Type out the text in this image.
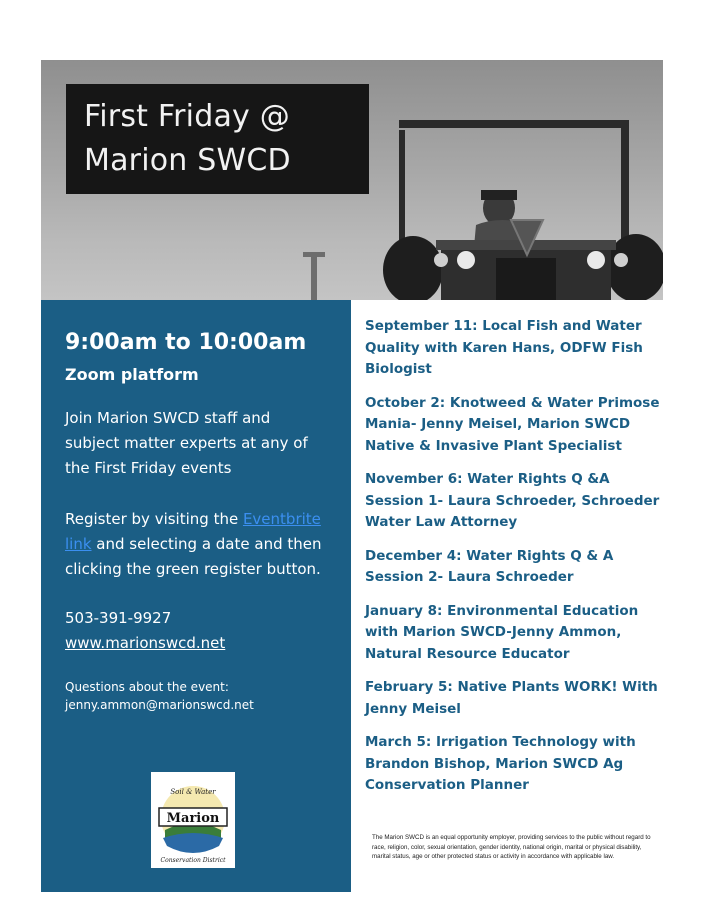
First Friday @
Marion SWCD
9:00am to 10:00am
Zoom platform
Join Marion SWCD staff and subject matter experts at any of the First Friday events
Register by visiting the Eventbrite link and selecting a date and then clicking the green register button.
503-391-9927
www.marionswcd.net
Questions about the event:
jenny.ammon@marionswcd.net
Marion
Soil & Water
Conservation District
September 11: Local Fish and Water Quality with Karen Hans, ODFW Fish Biologist
October 2: Knotweed & Water Primose Mania- Jenny Meisel, Marion SWCD Native & Invasive Plant Specialist
November 6: Water Rights Q &A Session 1- Laura Schroeder, Schroeder Water Law Attorney
December 4: Water Rights Q & A Session 2- Laura Schroeder
January 8: Environmental Education with Marion SWCD-Jenny Ammon, Natural Resource Educator
February 5: Native Plants WORK! With Jenny Meisel
March 5: Irrigation Technology with Brandon Bishop, Marion SWCD Ag Conservation Planner
The Marion SWCD is an equal opportunity employer, providing services to the public without regard to race, religion, color, sexual orientation, gender identity, national origin, marital or physical disability, marital status, age or other protected status or activity in accordance with applicable law.
